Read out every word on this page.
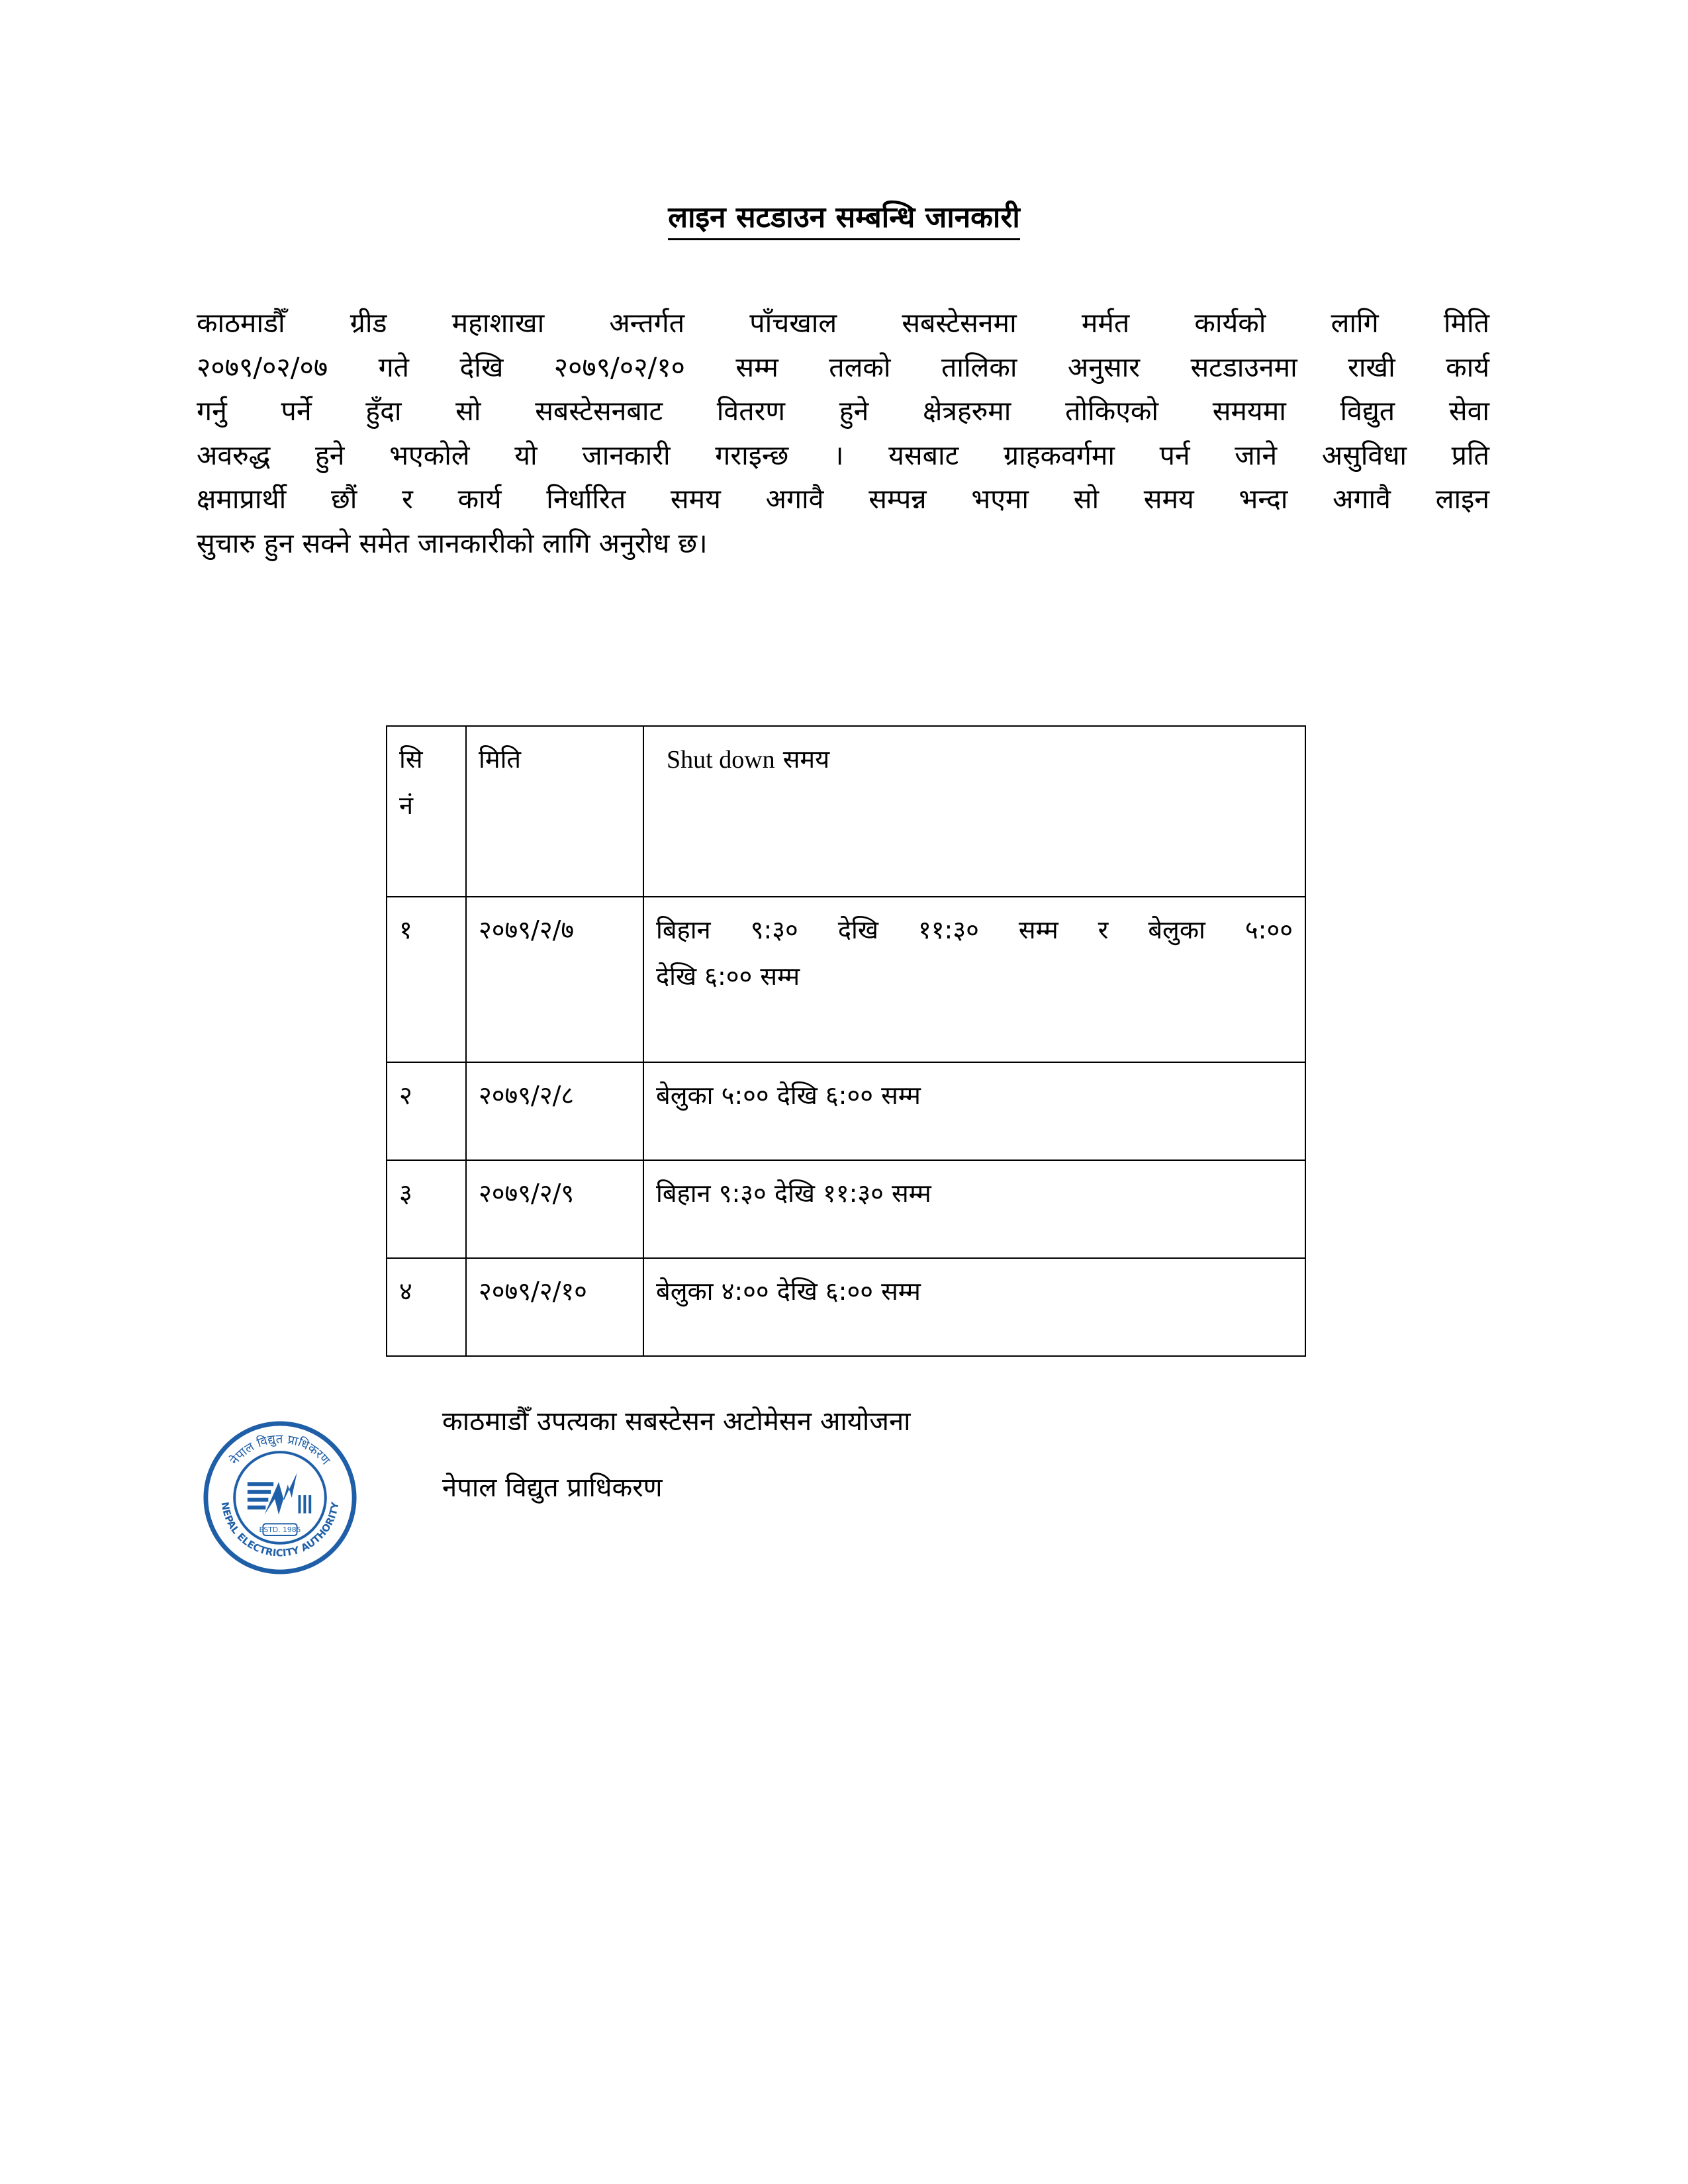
लाइन सटडाउन सम्बन्धि जानकारी
काठमाडौँ ग्रीड महाशाखा अन्तर्गत पाँचखाल सबस्टेसनमा मर्मत कार्यको लागि मिति
२०७९/०२/०७ गते देखि २०७९/०२/१० सम्म तलको तालिका अनुसार सटडाउनमा राखी कार्य
गर्नु पर्ने हुँदा सो सबस्टेसनबाट वितरण हुने क्षेत्रहरुमा तोकिएको समयमा विद्युत सेवा
अवरुद्ध हुने भएकोले यो जानकारी गराइन्छ । यसबाट ग्राहकवर्गमा पर्न जाने असुविधा प्रति
क्षमाप्रार्थी छौं र कार्य निर्धारित समय अगावै सम्पन्न भएमा सो समय भन्दा अगावै लाइन
सुचारु हुन सक्ने समेत जानकारीको लागि अनुरोध छ।
सि
नं	मिति	Shut down समय
१	२०७९/२/७	बिहान ९:३० देखि ११:३० सम्म र बेलुका ५:००
देखि ६:०० सम्म

२	२०७९/२/८	बेलुका ५:०० देखि ६:०० सम्म

३	२०७९/२/९	बिहान ९:३० देखि ११:३० सम्म

४	२०७९/२/१०	बेलुका ४:०० देखि ६:०० सम्म
काठमाडौँ उपत्यका सबस्टेसन अटोमेसन आयोजना
नेपाल विद्युत प्राधिकरण
नेपाल विद्युत प्राधिकरण
NEPAL ELECTRICITY AUTHORITY
ESTD. 1985
